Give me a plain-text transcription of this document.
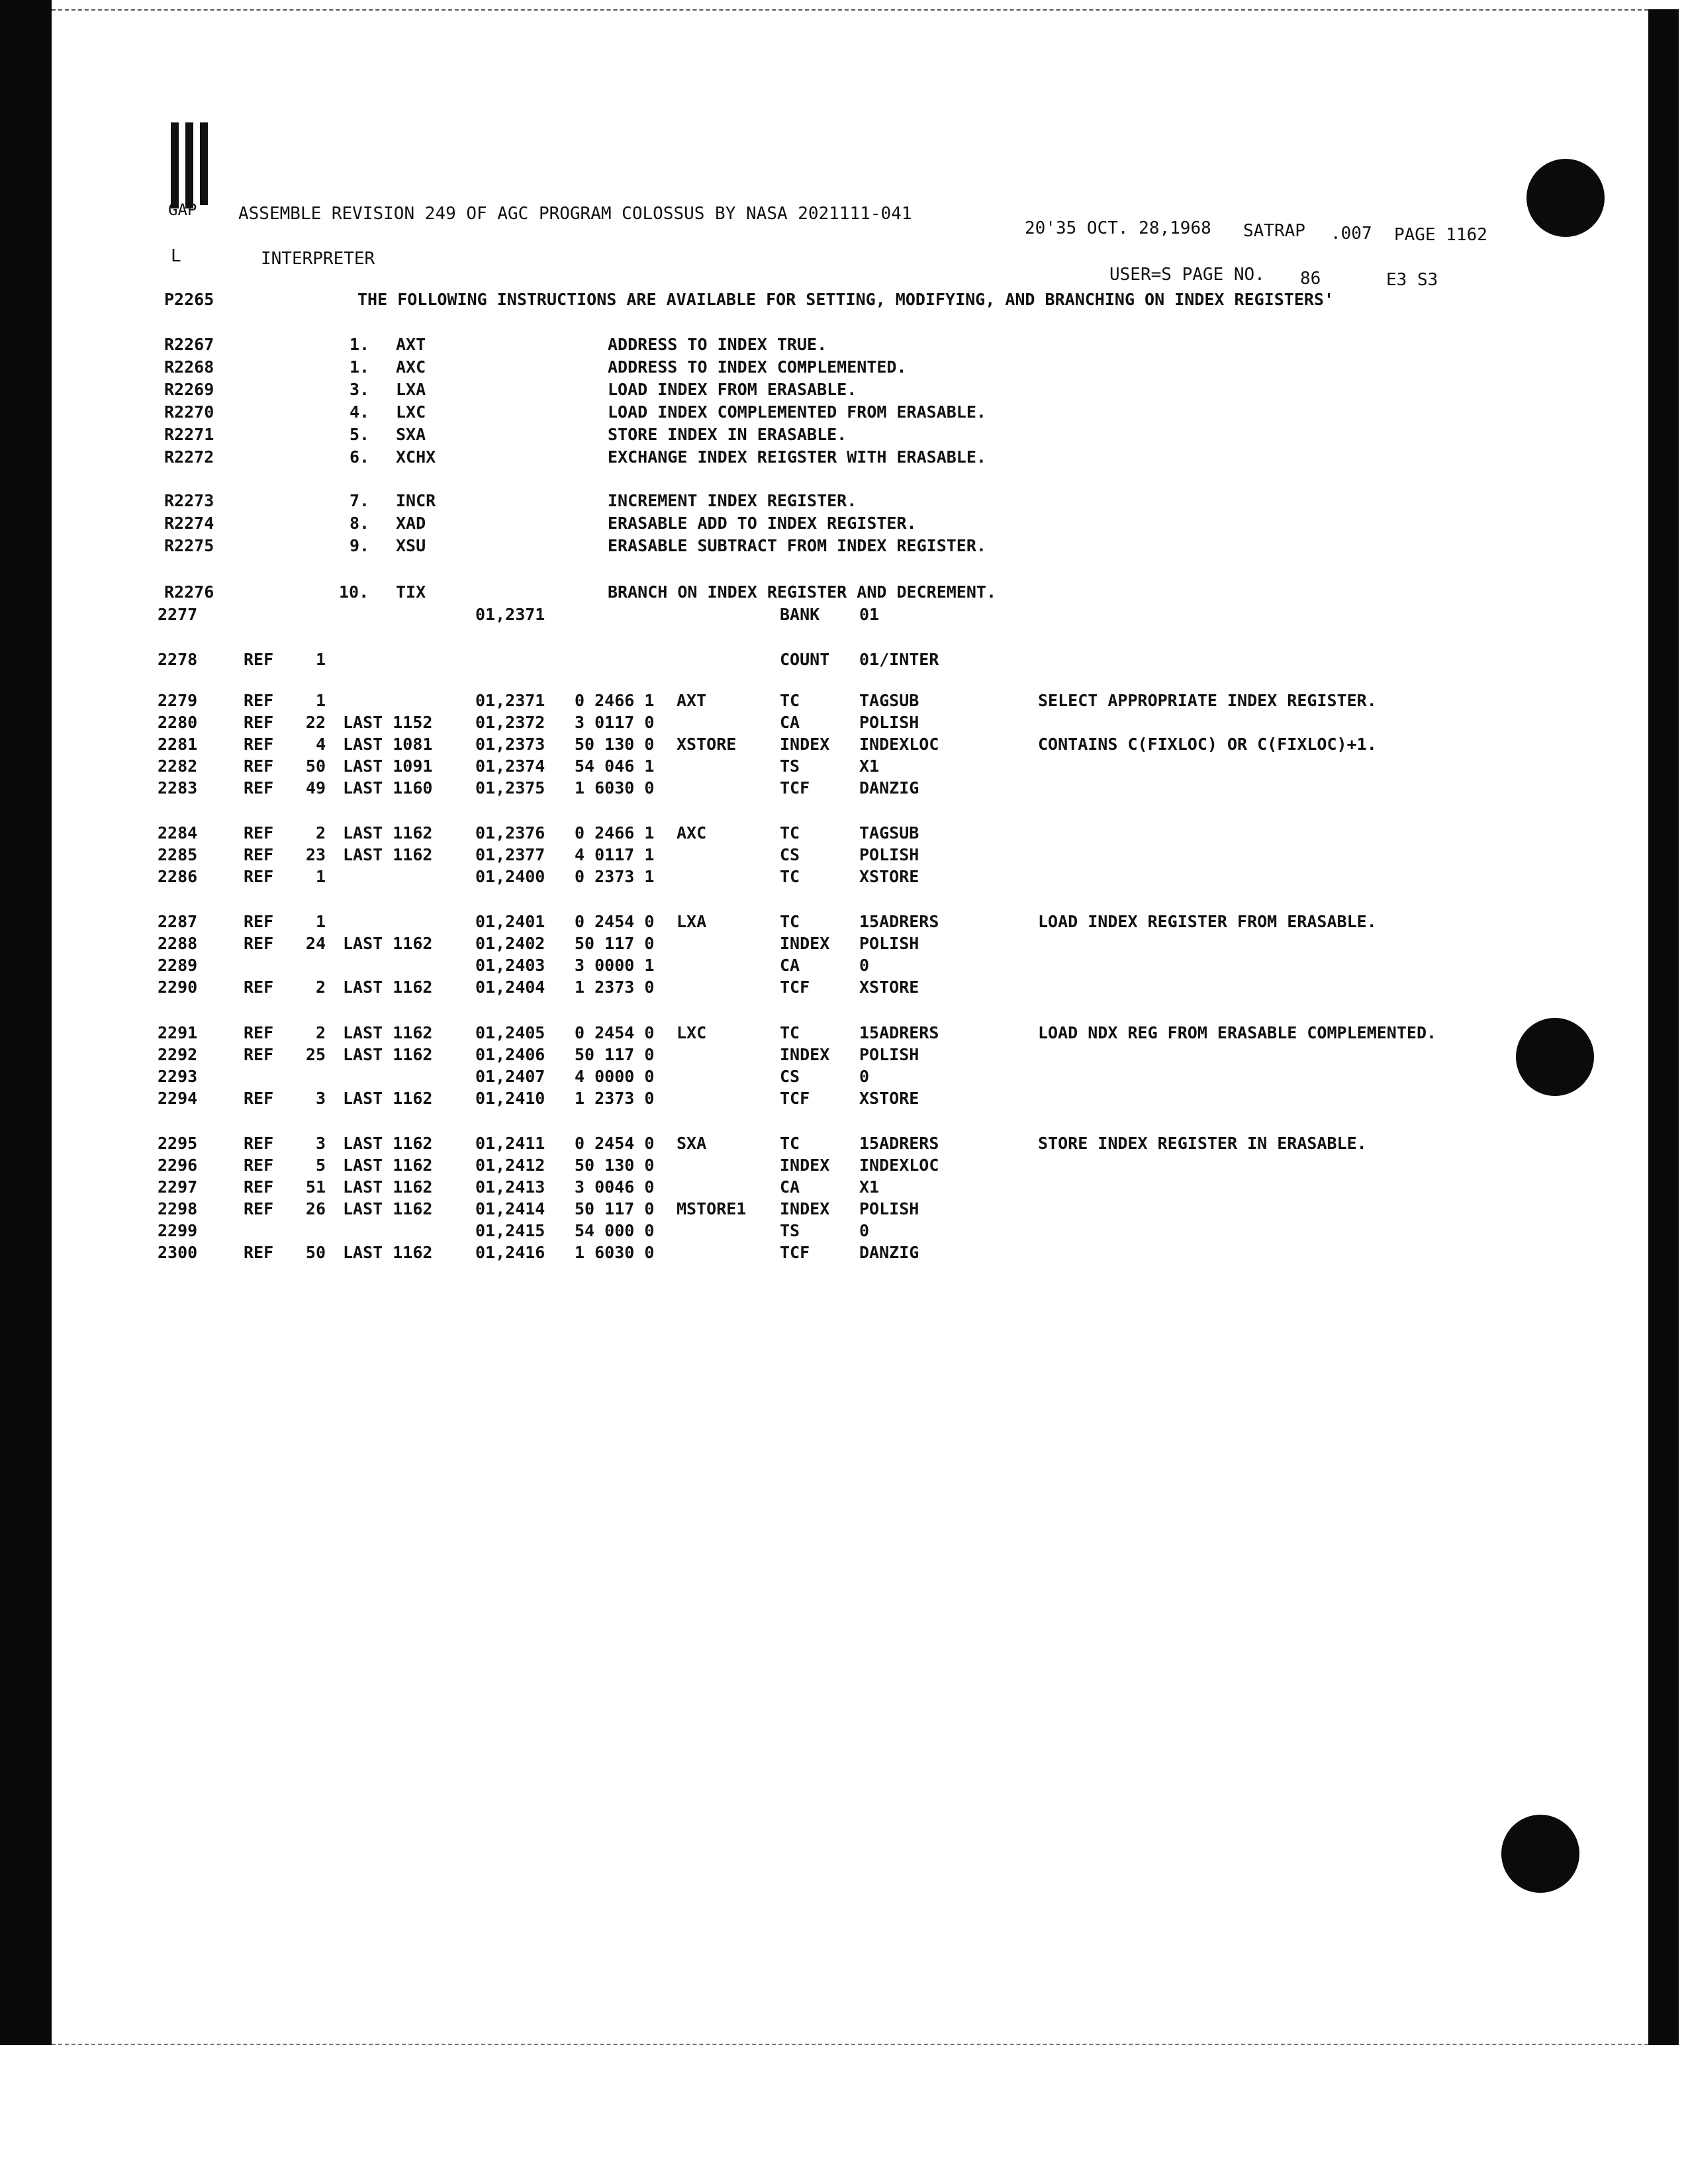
GAP ASSEMBLE REVISION 249 OF AGC PROGRAM COLOSSUS BY NASA 2021111-041
20'35 OCT. 28,1968 SATRAP .007 PAGE 1162
L	INTERPRETER
USER=S PAGE NO. 86	E3 S3
P2265	THE FOLLOWING INSTRUCTIONS ARE AVAILABLE FOR SETTING, MODIFYING, AND BRANCHING ON INDEX REGISTERS'
R2267	1. AXT	ADDRESS TO INDEX TRUE.
R2268	1. AXC	ADDRESS TO INDEX COMPLEMENTED.
R2269	3. LXA	LOAD INDEX FROM ERASABLE.
R2270	4. LXC	LOAD INDEX COMPLEMENTED FROM ERASABLE.
R2271	5. SXA	STORE INDEX IN ERASABLE.
R2272	6. XCHX	EXCHANGE INDEX REIGSTER WITH ERASABLE.
R2273	7. INCR	INCREMENT INDEX REGISTER.
R2274	8. XAD	ERASABLE ADD TO INDEX REGISTER.
R2275	9. XSU	ERASABLE SUBTRACT FROM INDEX REGISTER.
R2276	10. TIX	BRANCH ON INDEX REGISTER AND DECREMENT.
2277	01,2371	BANK 01
2278	REF	1	COUNT 01/INTER
2279	REF	1	01,2371 0 2466 1 AXT	TC	TAGSUB	SELECT APPROPRIATE INDEX REGISTER.
2280	REF	22 LAST 1152	01,2372 3 0117 0	CA	POLISH
2281	REF	4 LAST 1081	01,2373 50 130 0 XSTORE	INDEX INDEXLOC	CONTAINS C(FIXLOC) OR C(FIXLOC)+1.
2282	REF	50 LAST 1091	01,2374 54 046 1	TS	X1
2283	REF	49 LAST 1160	01,2375 1 6030 0	TCF	DANZIG
2284	REF	2 LAST 1162	01,2376 0 2466 1 AXC	TC	TAGSUB
2285	REF	23 LAST 1162	01,2377 4 0117 1	CS	POLISH
2286	REF	1	01,2400 0 2373 1	TC	XSTORE
2287	REF	1	01,2401 0 2454 0 LXA	TC	15ADRERS	LOAD INDEX REGISTER FROM ERASABLE.
2288	REF	24 LAST 1162	01,2402 50 117 0	INDEX POLISH
2289	01,2403 3 0000 1	CA	0
2290	REF	2 LAST 1162	01,2404 1 2373 0	TCF	XSTORE
2291	REF	2 LAST 1162	01,2405 0 2454 0 LXC	TC	15ADRERS	LOAD NDX REG FROM ERASABLE COMPLEMENTED.
2292	REF	25 LAST 1162	01,2406 50 117 0	INDEX POLISH
2293	01,2407 4 0000 0	CS	0
2294	REF	3 LAST 1162	01,2410 1 2373 0	TCF	XSTORE
2295	REF	3 LAST 1162	01,2411 0 2454 0 SXA	TC	15ADRERS	STORE INDEX REGISTER IN ERASABLE.
2296	REF	5 LAST 1162	01,2412 50 130 0	INDEX INDEXLOC
2297	REF	51 LAST 1162	01,2413 3 0046 0	CA	X1
2298	REF	26 LAST 1162	01,2414 50 117 0 MSTORE1 INDEX POLISH
2299	01,2415 54 000 0	TS	0
2300	REF	50 LAST 1162	01,2416 1 6030 0	TCF	DANZIG
